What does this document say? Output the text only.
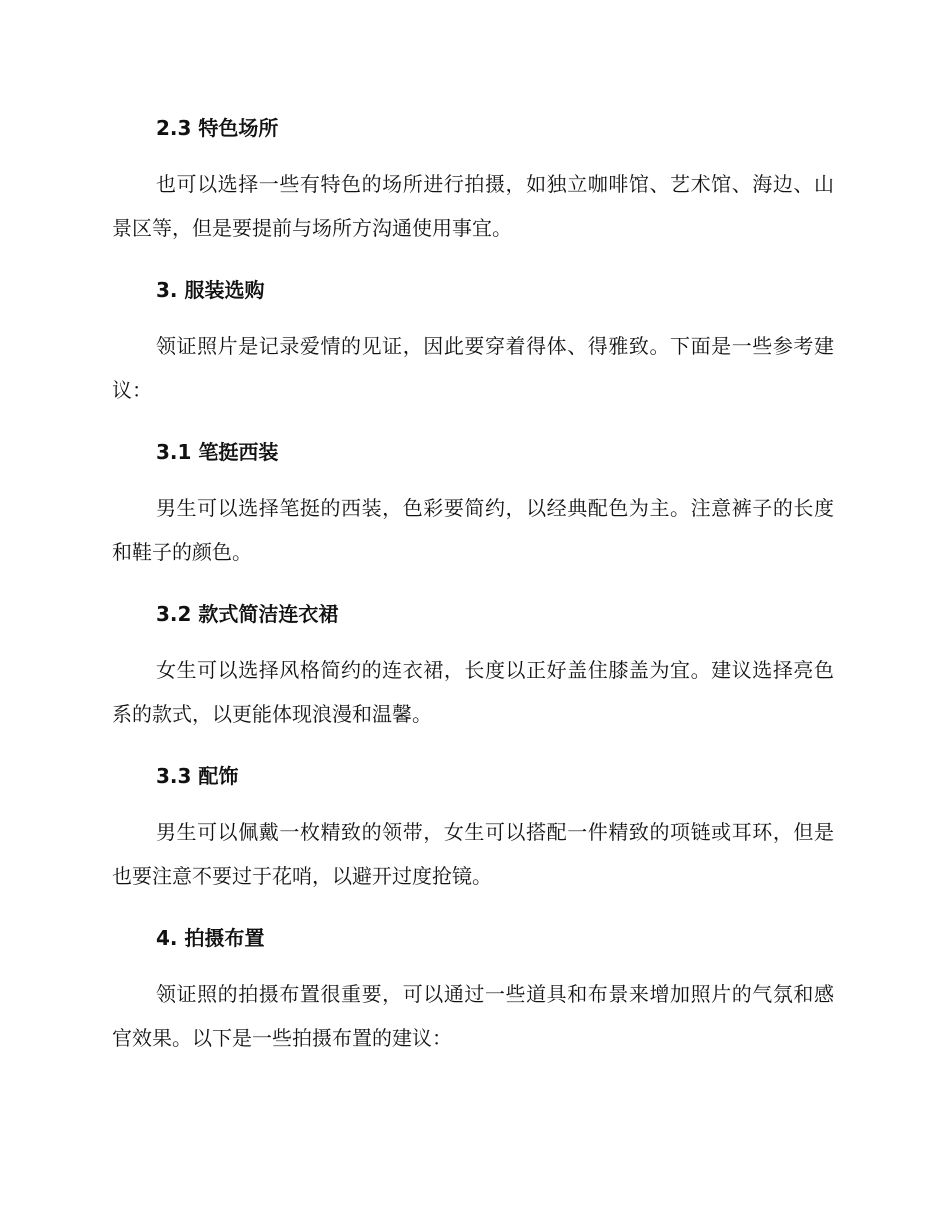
2.3 特色场所

也可以选择一些有特色的场所进行拍摄，如独立咖啡馆、艺术馆、海边、山景区等，但是要提前与场所方沟通使用事宜。

3. 服装选购

领证照片是记录爱情的见证，因此要穿着得体、得雅致。下面是一些参考建议：

3.1 笔挺西装

男生可以选择笔挺的西装，色彩要简约，以经典配色为主。注意裤子的长度和鞋子的颜色。

3.2 款式简洁连衣裙

女生可以选择风格简约的连衣裙，长度以正好盖住膝盖为宜。建议选择亮色系的款式，以更能体现浪漫和温馨。

3.3 配饰

男生可以佩戴一枚精致的领带，女生可以搭配一件精致的项链或耳环，但是也要注意不要过于花哨，以避开过度抢镜。

4. 拍摄布置

领证照的拍摄布置很重要，可以通过一些道具和布景来增加照片的气氛和感官效果。以下是一些拍摄布置的建议：
